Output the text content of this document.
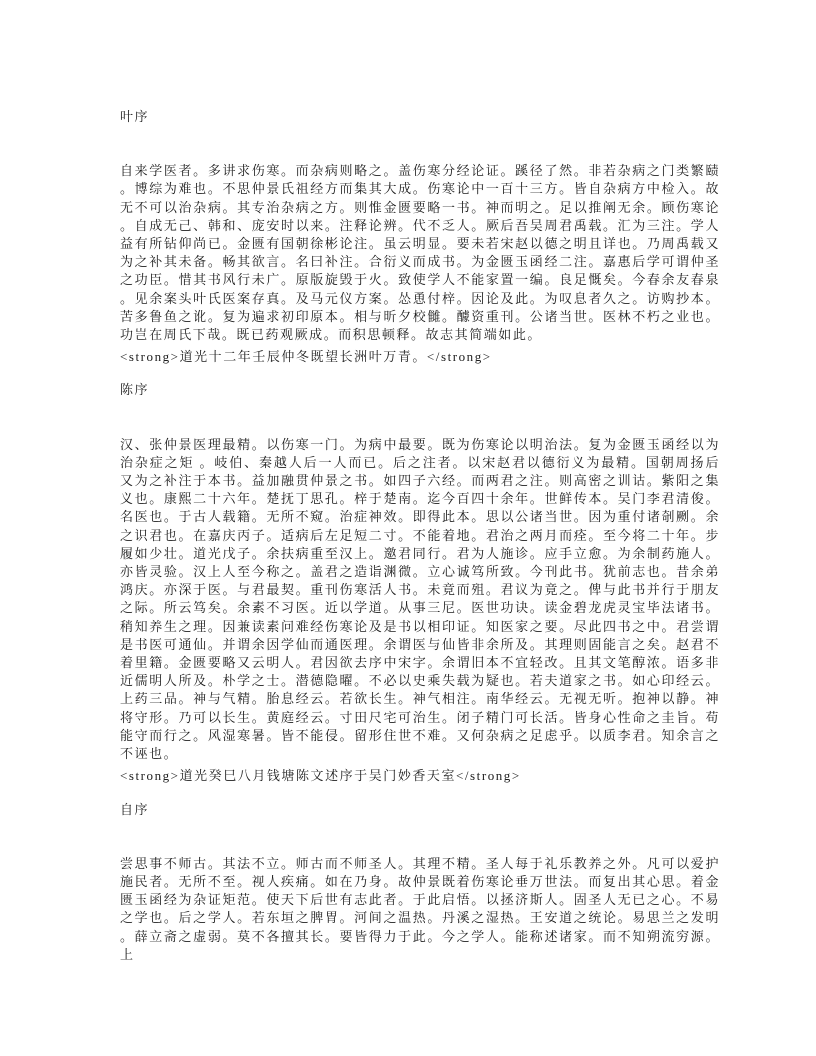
叶序

自来学医者。多讲求伤寒。而杂病则略之。盖伤寒分经论证。蹊径了然。非若杂病之门类繁赜。博综为难也。不思仲景氏祖经方而集其大成。伤寒论中一百十三方。皆自杂病方中检入。故无不可以治杂病。其专治杂病之方。则惟金匮要略一书。神而明之。足以推阐无余。顾伤寒论。自成无己、韩和、庞安时以来。注释论辨。代不乏人。厥后吾吴周君禹载。汇为三注。学人益有所钻仰尚已。金匮有国朝徐彬论注。虽云明显。要未若宋赵以德之明且详也。乃周禹载又为之补其未备。畅其欲言。名曰补注。合衍义而成书。为金匮玉函经二注。嘉惠后学可谓仲圣之功臣。惜其书风行未广。原版旋毁于火。致使学人不能家置一编。良足慨矣。今春余友春泉。见余案头叶氏医案存真。及马元仪方案。怂恿付梓。因论及此。为叹息者久之。访购抄本。苦多鲁鱼之讹。复为遍求初印原本。相与昕夕校雠。醵资重刊。公诸当世。医林不朽之业也。功岂在周氏下哉。既已药观厥成。而积思顿释。故志其简端如此。

<strong>道光十二年壬辰仲冬既望长洲叶万青。</strong>

陈序

汉、张仲景医理最精。以伤寒一门。为病中最要。既为伤寒论以明治法。复为金匮玉函经以为治杂症之矩 。岐伯、秦越人后一人而已。后之注者。以宋赵君以德衍义为最精。国朝周扬后又为之补注于本书。益加融贯仲景之书。如四子六经。而两君之注。则高密之训诂。紫阳之集义也。康熙二十六年。楚抚丁思孔。梓于楚南。迄今百四十余年。世鲜传本。吴门李君清俊。名医也。于古人载籍。无所不窥。治症神效。即得此本。思以公诸当世。因为重付诸剞劂。余之识君也。在嘉庆丙子。适病后左足短二寸。不能着地。君治之两月而痊。至今将二十年。步履如少壮。道光戊子。余扶病重至汉上。邀君同行。君为人施诊。应手立愈。为余制药施人。亦皆灵验。汉上人至今称之。盖君之造诣渊微。立心诚笃所致。今刊此书。犹前志也。昔余弟鸿庆。亦深于医。与君最契。重刊伤寒活人书。未竟而殂。君议为竟之。俾与此书并行于朋友之际。所云笃矣。余素不习医。近以学道。从事三尼。医世功诀。读金碧龙虎灵宝毕法诸书。稍知养生之理。因兼读素问难经伤寒论及是书以相印证。知医家之要。尽此四书之中。君尝谓是书医可通仙。并谓余因学仙而通医理。余谓医与仙皆非余所及。其理则固能言之矣。赵君不着里籍。金匮要略又云明人。君因欲去序中宋字。余谓旧本不宜轻改。且其文笔醇浓。语多非近儒明人所及。朴学之士。潜德隐曜。不必以史乘失载为疑也。若夫道家之书。如心印经云。上药三品。神与气精。胎息经云。若欲长生。神气相注。南华经云。无视无听。抱神以静。神将守形。乃可以长生。黄庭经云。寸田尺宅可治生。闭子精门可长活。皆身心性命之圭旨。苟能守而行之。风湿寒暑。皆不能侵。留形住世不难。又何杂病之足虑乎。以质李君。知余言之不诬也。

<strong>道光癸巳八月钱塘陈文述序于吴门妙香天室</strong>

自序

尝思事不师古。其法不立。师古而不师圣人。其理不精。圣人每于礼乐教养之外。凡可以爱护施民者。无所不至。视人疾痛。如在乃身。故仲景既着伤寒论垂万世法。而复出其心思。着金匮玉函经为杂证矩范。使天下后世有志此者。于此启悟。以拯济斯人。固圣人无已之心。不易之学也。后之学人。若东垣之脾胃。河间之温热。丹溪之湿热。王安道之统论。易思兰之发明。薛立斋之虚弱。莫不各擅其长。要皆得力于此。今之学人。能称述诸家。而不知朔流穷源。上
